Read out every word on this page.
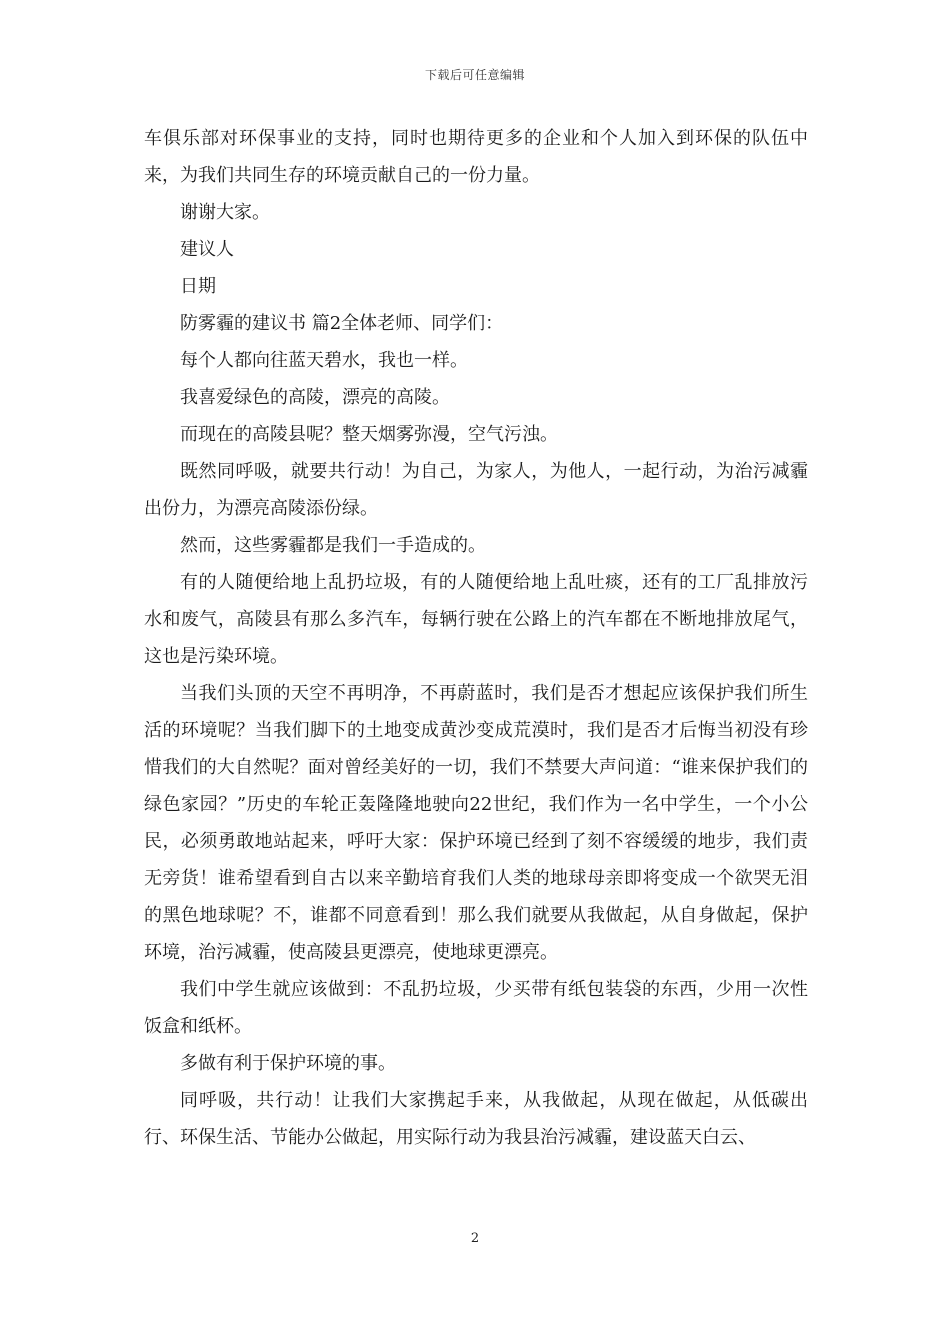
下载后可任意编辑

车俱乐部对环保事业的支持，同时也期待更多的企业和个人加入到环保的队伍中来，为我们共同生存的环境贡献自己的一份力量。

谢谢大家。

建议人

日期

防雾霾的建议书 篇2全体老师、同学们：

每个人都向往蓝天碧水，我也一样。

我喜爱绿色的高陵，漂亮的高陵。

而现在的高陵县呢？整天烟雾弥漫，空气污浊。

既然同呼吸，就要共行动！为自己，为家人，为他人，一起行动，为治污减霾出份力，为漂亮高陵添份绿。

然而，这些雾霾都是我们一手造成的。

有的人随便给地上乱扔垃圾，有的人随便给地上乱吐痰，还有的工厂乱排放污水和废气，高陵县有那么多汽车，每辆行驶在公路上的汽车都在不断地排放尾气，这也是污染环境。

当我们头顶的天空不再明净，不再蔚蓝时，我们是否才想起应该保护我们所生活的环境呢？当我们脚下的土地变成黄沙变成荒漠时，我们是否才后悔当初没有珍惜我们的大自然呢？面对曾经美好的一切，我们不禁要大声问道：“谁来保护我们的绿色家园？”历史的车轮正轰隆隆地驶向22世纪，我们作为一名中学生，一个小公民，必须勇敢地站起来，呼吁大家：保护环境已经到了刻不容缓缓的地步，我们责无旁货！谁希望看到自古以来辛勤培育我们人类的地球母亲即将变成一个欲哭无泪的黑色地球呢？不，谁都不同意看到！那么我们就要从我做起，从自身做起，保护环境，治污减霾，使高陵县更漂亮，使地球更漂亮。

我们中学生就应该做到：不乱扔垃圾，少买带有纸包装袋的东西，少用一次性饭盒和纸杯。

多做有利于保护环境的事。

同呼吸，共行动！让我们大家携起手来，从我做起，从现在做起，从低碳出行、环保生活、节能办公做起，用实际行动为我县治污减霾，建设蓝天白云、

2
